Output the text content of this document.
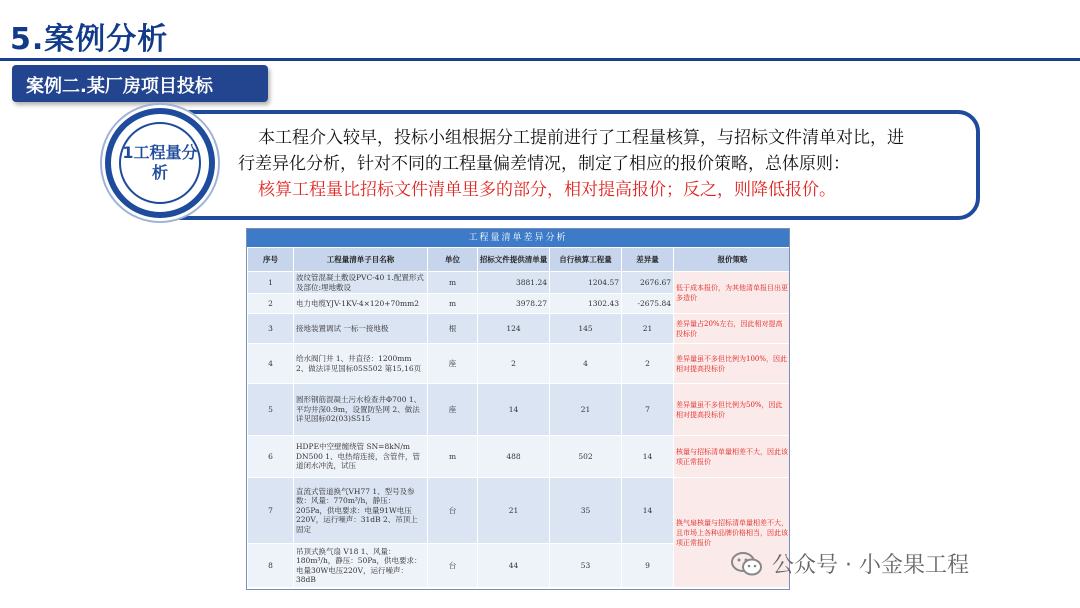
5.案例分析
案例二.某厂房项目投标
1工程量分析

本工程介入较早，投标小组根据分工提前进行了工程量核算，与招标文件清单对比，进

行差异化分析，针对不同的工程量偏差情况，制定了相应的报价策略，总体原则：

核算工程量比招标文件清单里多的部分，相对提高报价；反之，则降低报价。

工程量清单差异分析
序号	工程量清单子目名称	单位	招标文件提供清单量	自行核算工程量	差异量	报价策略
1	波纹管混凝土敷设PVC-40 1.配置形式及部位:埋地敷设	m	3881.24	1204.57	2676.67	低于成本报价，为其他清单报目出更多造价
2	电力电缆YJV-1KV-4×120+70mm2	m	3978.27	1302.43	-2675.84	
3	接地装置调试 一标一接地极	根	124	145	21	差异量占20%左右，因此相对提高投标价
4	给水阀门井 1、井直径：1200mm 2、做法详见国标05S502 第15,16页	座	2	4	2	差异量虽不多但比例为100%，因此相对提高投标价
5	圆形钢筋混凝土污水检查井Φ700 1、平均井深0.9m，设置防坠网 2、做法详见国标02(03)S515	座	14	21	7	差异量虽不多但比例为50%，因此相对提高投标价
6	HDPE中空壁缠绕管 SN=8kN/m DN500 1、电热熔连接，含管件，管道闭水冲洗，试压	m	488	502	14	核量与招标清单量相差不大，因此该项正常报价
7	直流式管道换气VH77 1、型号及参数：风量：770m³/h，静压：205Pa，供电要求：电量91W电压220V，运行噪声：31dB 2、吊顶上固定	台	21	35	14	换气扇核量与招标清单量相差不大，且市场上各种品牌价格相当，因此该项正常报价
8	吊顶式换气扇 V18 1、风量：180m³/h，静压：50Pa，供电要求：电量30W电压220V，运行噪声：38dB	台	44	53	9		公众号 · 小金果工程
